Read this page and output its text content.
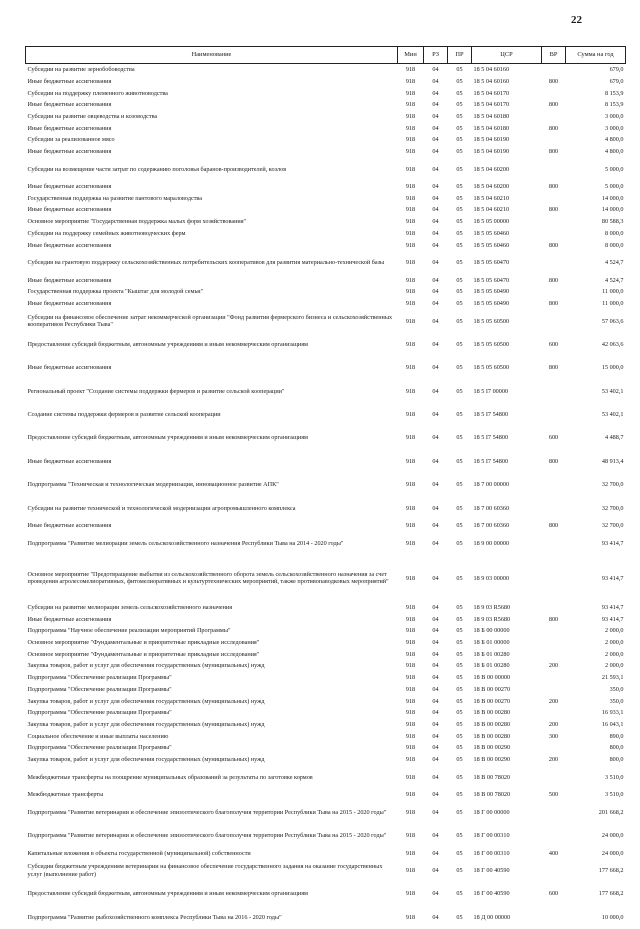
22
Наименование	Мин	РЗ	ПР	ЦСР	ВР	Сумма на год
Субсидии на развитие зернобобоводства	918	04	05	18 5 04 60160		679,0
Иные бюджетные ассигнования	918	04	05	18 5 04 60160	800	679,0
Субсидии на поддержку племенного животноводства	918	04	05	18 5 04 60170		8 153,9
Иные бюджетные ассигнования	918	04	05	18 5 04 60170	800	8 153,9
Субсидии на развитие овцеводства и козоводства	918	04	05	18 5 04 60180		3 000,0
Иные бюджетные ассигнования	918	04	05	18 5 04 60180	800	3 000,0
Субсидии за реализованное мясо	918	04	05	18 5 04 60190		4 800,0
Иные бюджетные ассигнования	918	04	05	18 5 04 60190	800	4 800,0
Субсидии на возмещение части затрат по содержанию поголовья баранов-производителей, козлов	918	04	05	18 5 04 60200		5 000,0
Иные бюджетные ассигнования	918	04	05	18 5 04 60200	800	5 000,0
Государственная поддержка на развитие пантового мараловодства	918	04	05	18 5 04 60210		14 000,0
Иные бюджетные ассигнования	918	04	05	18 5 04 60210	800	14 000,0
Основное мероприятие "Государственная поддержка малых форм хозяйствования"	918	04	05	18 5 05 00000		80 588,3
Субсидии на поддержку семейных животноводческих ферм	918	04	05	18 5 05 60460		8 000,0
Иные бюджетные ассигнования	918	04	05	18 5 05 60460	800	8 000,0
Субсидия на грантовую поддержку сельскохозяйственных потребительских кооперативов для развития материально-технической базы	918	04	05	18 5 05 60470		4 524,7
Иные бюджетные ассигнования	918	04	05	18 5 05 60470	800	4 524,7
Государственная поддержка проекта "Кыштаг для молодой семьи"	918	04	05	18 5 05 60490		11 000,0
Иные бюджетные ассигнования	918	04	05	18 5 05 60490	800	11 000,0
Субсидии на финансовое обеспечение затрат некоммерческой организации "Фонд развития фермерского бизнеса и сельскохозяйственных кооперативов Республики Тыва"	918	04	05	18 5 05 60500		57 063,6
Предоставление субсидий бюджетным, автономным учреждениям и иным некоммерческим организациям	918	04	05	18 5 05 60500	600	42 063,6
Иные бюджетные ассигнования	918	04	05	18 5 05 60500	800	15 000,0
Региональный проект "Создание системы поддержки фермеров и развитие сельской кооперации"	918	04	05	18 5 I7 00000		53 402,1
Создание системы поддержки фермеров и развитие сельской кооперации	918	04	05	18 5 I7 54800		53 402,1
Предоставление субсидий бюджетным, автономным учреждениям и иным некоммерческим организациям	918	04	05	18 5 I7 54800	600	4 488,7
Иные бюджетные ассигнования	918	04	05	18 5 I7 54800	800	48 913,4
Подпрограмма "Техническая и технологическая модернизация, инновационное развитие АПК"	918	04	05	18 7 00 00000		32 700,0
Субсидии на развитие технической и технологической модернизации агропромышленного комплекса	918	04	05	18 7 00 60360		32 700,0
Иные бюджетные ассигнования	918	04	05	18 7 00 60360	800	32 700,0
Подпрограмма "Развитие мелиорации земель сельскохозяйственного назначения Республики Тыва на 2014 - 2020 годы"	918	04	05	18 9 00 00000		93 414,7
Основное мероприятие "Предотвращение выбытия из сельскохозяйственного оборота земель сельскохозяйственного назначения за счет проведения агролесомелиоративных, фитомелиоративных и культуртехнических мероприятий, также противопаводковых мероприятий"	918	04	05	18 9 03 00000		93 414,7
Субсидии на развитие мелиорации земель сельскохозяйственного назначения	918	04	05	18 9 03 R5680		93 414,7
Иные бюджетные ассигнования	918	04	05	18 9 03 R5680	800	93 414,7
Подпрограмма "Научное обеспечение реализации мероприятий Программы"	918	04	05	18 Б 00 00000		2 000,0
Основное мероприятие "Фундаментальные и приоритетные прикладные исследования"	918	04	05	18 Б 01 00000		2 000,0
Основное мероприятие "Фундаментальные и приоритетные прикладные исследования"	918	04	05	18 Б 01 00280		2 000,0
Закупка товаров, работ и услуг для обеспечения государственных (муниципальных) нужд	918	04	05	18 Б 01 00280	200	2 000,0
Подпрограмма "Обеспечение реализации Программы"	918	04	05	18 В 00 00000		21 593,1
Подпрограмма "Обеспечение реализации Программы"	918	04	05	18 В 00 00270		350,0
Закупка товаров, работ и услуг для обеспечения государственных (муниципальных) нужд	918	04	05	18 В 00 00270	200	350,0
Подпрограмма "Обеспечение реализации Программы"	918	04	05	18 В 00 00280		16 933,1
Закупка товаров, работ и услуг для обеспечения государственных (муниципальных) нужд	918	04	05	18 В 00 00280	200	16 043,1
Социальное обеспечение и иные выплаты населению	918	04	05	18 В 00 00280	300	890,0
Подпрограмма "Обеспечение реализации Программы"	918	04	05	18 В 00 00290		800,0
Закупка товаров, работ и услуг для обеспечения государственных (муниципальных) нужд	918	04	05	18 В 00 00290	200	800,0
Межбюджетные трансферты на поощрение муниципальных образований за результаты по заготовке кормов	918	04	05	18 В 00 78020		3 510,0
Межбюджетные трансферты	918	04	05	18 В 00 78020	500	3 510,0
Подпрограмма "Развитие ветеринарии и обеспечение эпизоотического благополучия территории Республики Тыва на 2015 - 2020 годы"	918	04	05	18 Г 00 00000		201 668,2
Подпрограмма "Развитие ветеринарии и обеспечение эпизоотического благополучия территории Республики Тыва на 2015 - 2020 годы"	918	04	05	18 Г 00 00310		24 000,0
Капитальные вложения в объекты государственной (муниципальной) собственности	918	04	05	18 Г 00 00310	400	24 000,0
Субсидии бюджетным учреждениям ветеринарии на финансовое обеспечение государственного задания на оказание государственных услуг (выполнение работ)	918	04	05	18 Г 00 40590		177 668,2
Предоставление субсидий бюджетным, автономным учреждениям и иным некоммерческим организациям	918	04	05	18 Г 00 40590	600	177 668,2
Подпрограмма "Развитие рыбохозяйственного комплекса Республики Тыва на 2016 - 2020 годы"	918	04	05	18 Д 00 00000		10 000,0
